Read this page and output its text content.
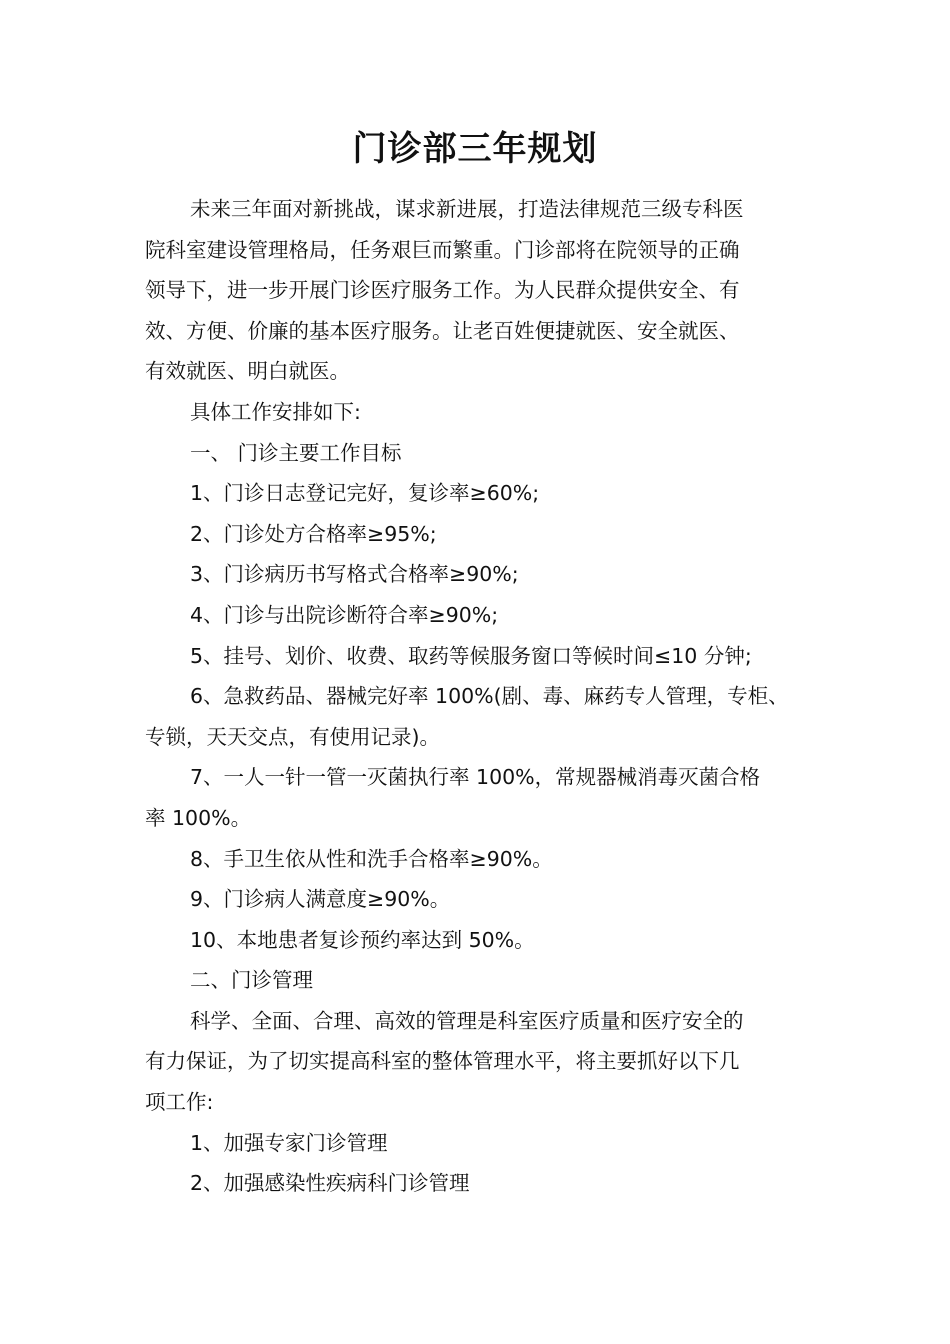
门诊部三年规划
未来三年面对新挑战，谋求新进展，打造法律规范三级专科医
院科室建设管理格局，任务艰巨而繁重。门诊部将在院领导的正确
领导下，进一步开展门诊医疗服务工作。为人民群众提供安全、有
效、方便、价廉的基本医疗服务。让老百姓便捷就医、安全就医、
有效就医、明白就医。
具体工作安排如下:
一、 门诊主要工作目标
1、门诊日志登记完好，复诊率≥60%;
2、门诊处方合格率≥95%;
3、门诊病历书写格式合格率≥90%;
4、门诊与出院诊断符合率≥90%;
5、挂号、划价、收费、取药等候服务窗口等候时间≤10 分钟;
6、急救药品、器械完好率 100%(剧、毒、麻药专人管理，专柜、
专锁，天天交点，有使用记录)。
7、一人一针一管一灭菌执行率 100%，常规器械消毒灭菌合格
率 100%。
8、手卫生依从性和洗手合格率≥90%。
9、门诊病人满意度≥90%。
10、本地患者复诊预约率达到 50%。
二、门诊管理
科学、全面、合理、高效的管理是科室医疗质量和医疗安全的
有力保证，为了切实提高科室的整体管理水平，将主要抓好以下几
项工作:
1、加强专家门诊管理
2、加强感染性疾病科门诊管理
